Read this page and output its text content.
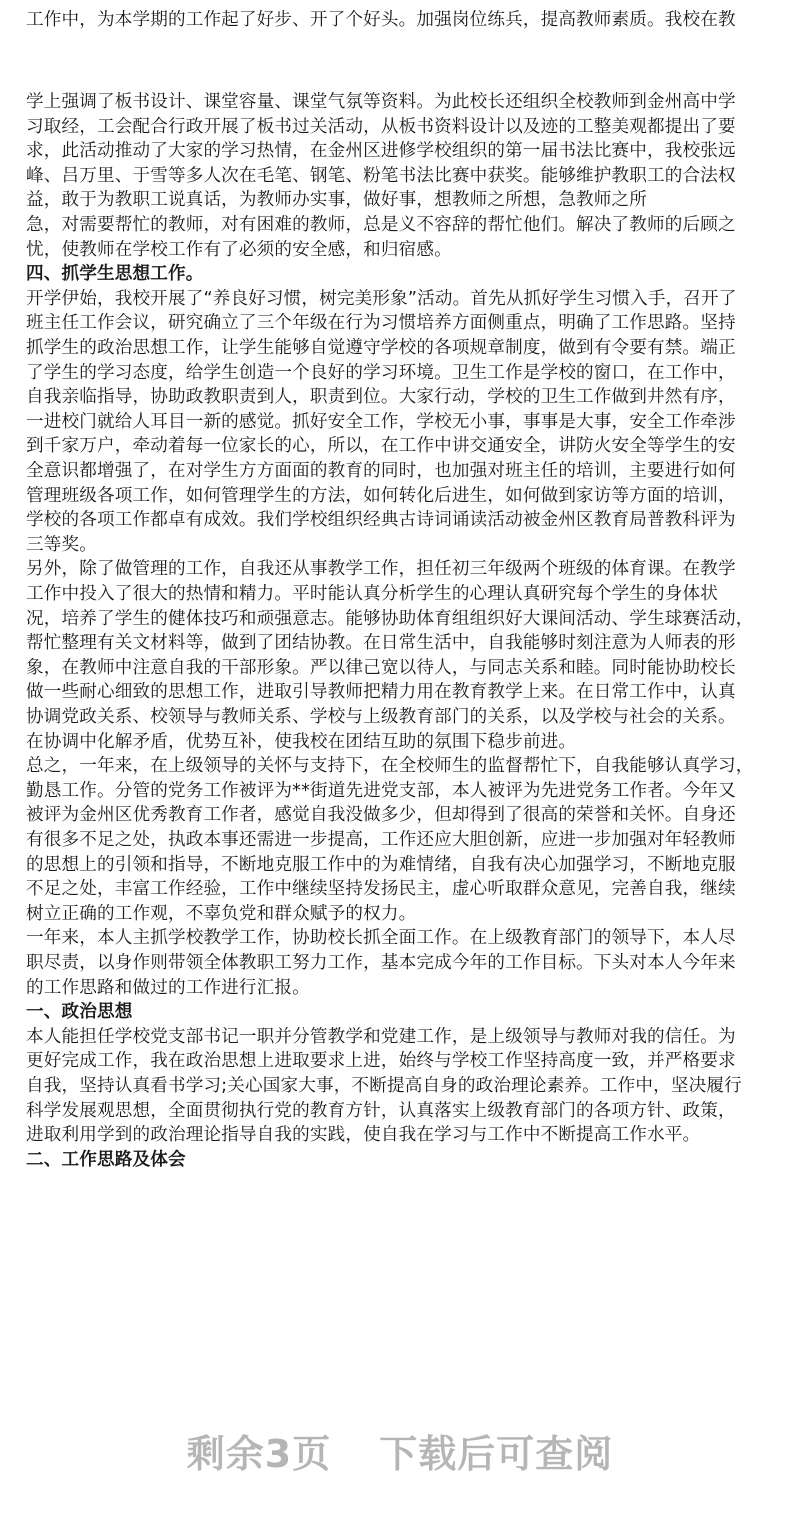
工作中，为本学期的工作起了好步、开了个好头。加强岗位练兵，提高教师素质。我校在教
学上强调了板书设计、课堂容量、课堂气氛等资料。为此校长还组织全校教师到金州高中学
习取经，工会配合行政开展了板书过关活动，从板书资料设计以及迹的工整美观都提出了要
求，此活动推动了大家的学习热情，在金州区进修学校组织的第一届书法比赛中，我校张远
峰、吕万里、于雪等多人次在毛笔、钢笔、粉笔书法比赛中获奖。能够维护教职工的合法权
益，敢于为教职工说真话，为教师办实事，做好事，想教师之所想，急教师之所
急，对需要帮忙的教师，对有困难的教师，总是义不容辞的帮忙他们。解决了教师的后顾之
忧，使教师在学校工作有了必须的安全感，和归宿感。
四、抓学生思想工作。
开学伊始，我校开展了“养良好习惯，树完美形象”活动。首先从抓好学生习惯入手，召开了
班主任工作会议，研究确立了三个年级在行为习惯培养方面侧重点，明确了工作思路。坚持
抓学生的政治思想工作，让学生能够自觉遵守学校的各项规章制度，做到有令要有禁。端正
了学生的学习态度，给学生创造一个良好的学习环境。卫生工作是学校的窗口，在工作中，
自我亲临指导，协助政教职责到人，职责到位。大家行动，学校的卫生工作做到井然有序，
一进校门就给人耳目一新的感觉。抓好安全工作，学校无小事，事事是大事，安全工作牵涉
到千家万户，牵动着每一位家长的心，所以，在工作中讲交通安全，讲防火安全等学生的安
全意识都增强了，在对学生方方面面的教育的同时，也加强对班主任的培训，主要进行如何
管理班级各项工作，如何管理学生的方法，如何转化后进生，如何做到家访等方面的培训，
学校的各项工作都卓有成效。我们学校组织经典古诗词诵读活动被金州区教育局普教科评为
三等奖。
另外，除了做管理的工作，自我还从事教学工作，担任初三年级两个班级的体育课。在教学
工作中投入了很大的热情和精力。平时能认真分析学生的心理认真研究每个学生的身体状
况，培养了学生的健体技巧和顽强意志。能够协助体育组组织好大课间活动、学生球赛活动，
帮忙整理有关文材料等，做到了团结协教。在日常生活中，自我能够时刻注意为人师表的形
象，在教师中注意自我的干部形象。严以律己宽以待人，与同志关系和睦。同时能协助校长
做一些耐心细致的思想工作，进取引导教师把精力用在教育教学上来。在日常工作中，认真
协调党政关系、校领导与教师关系、学校与上级教育部门的关系，以及学校与社会的关系。
在协调中化解矛盾，优势互补，使我校在团结互助的氛围下稳步前进。
总之，一年来，在上级领导的关怀与支持下，在全校师生的监督帮忙下，自我能够认真学习，
勤恳工作。分管的党务工作被评为**街道先进党支部，本人被评为先进党务工作者。今年又
被评为金州区优秀教育工作者，感觉自我没做多少，但却得到了很高的荣誉和关怀。自身还
有很多不足之处，执政本事还需进一步提高，工作还应大胆创新，应进一步加强对年轻教师
的思想上的引领和指导，不断地克服工作中的为难情绪，自我有决心加强学习，不断地克服
不足之处，丰富工作经验，工作中继续坚持发扬民主，虚心听取群众意见，完善自我，继续
树立正确的工作观，不辜负党和群众赋予的权力。
一年来，本人主抓学校教学工作，协助校长抓全面工作。在上级教育部门的领导下，本人尽
职尽责，以身作则带领全体教职工努力工作，基本完成今年的工作目标。下头对本人今年来
的工作思路和做过的工作进行汇报。
一、政治思想
本人能担任学校党支部书记一职并分管教学和党建工作，是上级领导与教师对我的信任。为
更好完成工作，我在政治思想上进取要求上进，始终与学校工作坚持高度一致，并严格要求
自我，坚持认真看书学习;关心国家大事，不断提高自身的政治理论素养。工作中，坚决履行
科学发展观思想，全面贯彻执行党的教育方针，认真落实上级教育部门的各项方针、政策，
进取利用学到的政治理论指导自我的实践，使自我在学习与工作中不断提高工作水平。
二、工作思路及体会
剩余3页 下载后可查阅
